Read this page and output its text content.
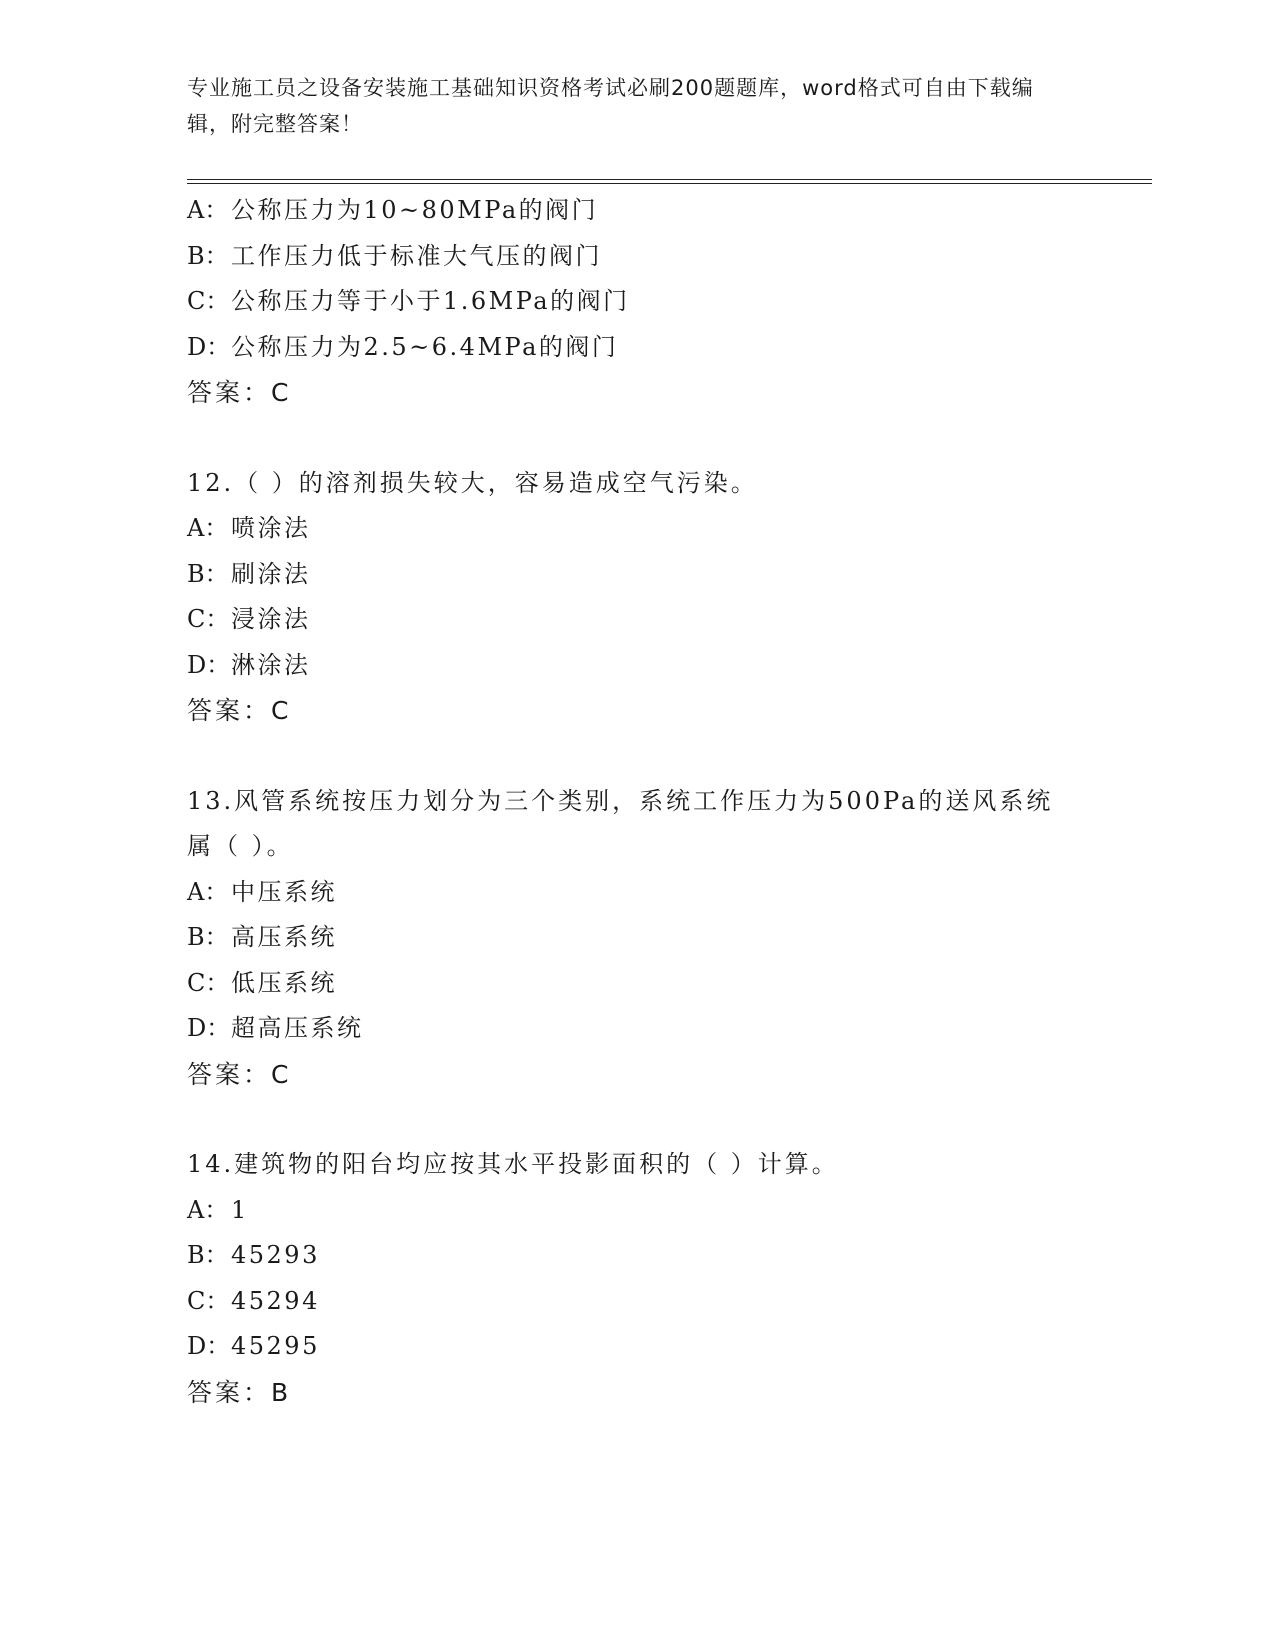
专业施工员之设备安装施工基础知识资格考试必刷200题题库，word格式可自由下载编辑，附完整答案！
A： 公称压力为10~80MPa的阀门
B：工作压力低于标准大气压的阀门
C：公称压力等于小于1.6MPa的阀门
D：公称压力为2.5~6.4MPa的阀门
答案：C
12.（ ）的溶剂损失较大，容易造成空气污染。
A： 喷涂法
B：刷涂法
C：浸涂法
D：淋涂法
答案：C
13.风管系统按压力划分为三个类别，系统工作压力为500Pa的送风系统属（ ）。
A： 中压系统
B：高压系统
C：低压系统
D：超高压系统
答案：C
14.建筑物的阳台均应按其水平投影面积的（ ）计算。
A： 1
B：45293
C：45294
D：45295
答案：B
